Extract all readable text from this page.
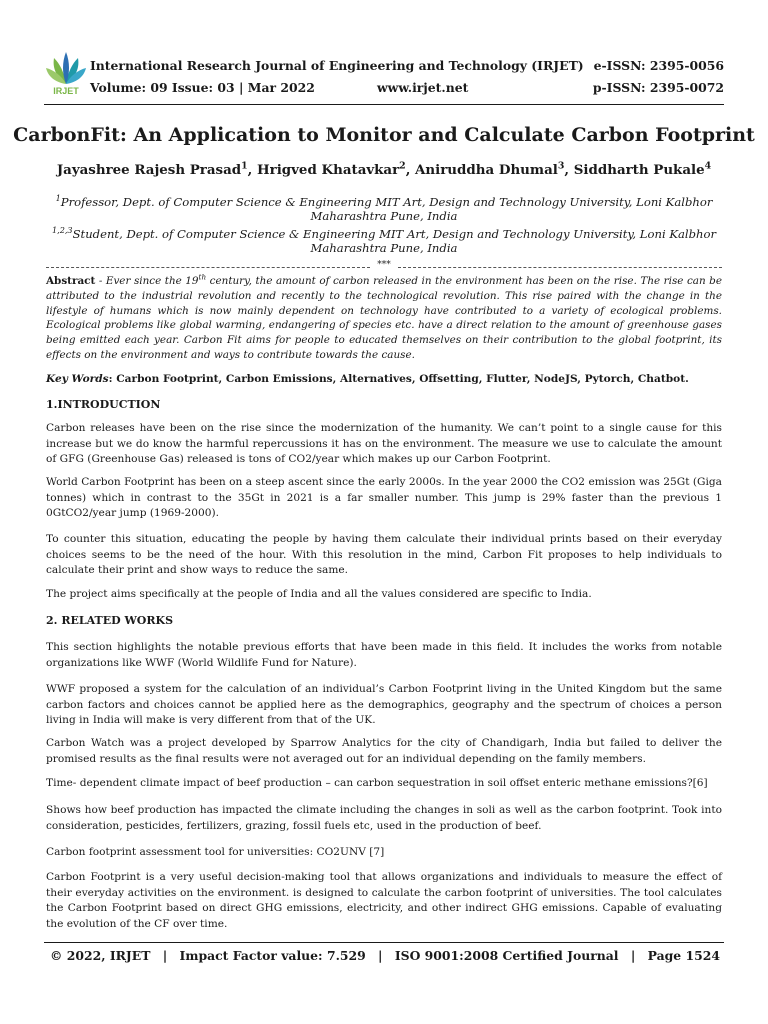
IRJET
International Research Journal of Engineering and Technology (IRJET)
Volume: 09 Issue: 03 | Mar 2022	www.irjet.net
e-ISSN: 2395-0056
p-ISSN: 2395-0072
CarbonFit: An Application to Monitor and Calculate Carbon Footprint
Jayashree Rajesh Prasad$^1$, Hrigved Khatavkar$^2$, Aniruddha Dhumal$^3$, Siddharth Pukale$^4$
$^1$Professor, Dept. of Computer Science & Engineering MIT Art, Design and Technology University, Loni Kalbhor Maharashtra Pune, India
$^{1,2,3}$Student, Dept. of Computer Science & Engineering MIT Art, Design and Technology University, Loni Kalbhor Maharashtra Pune, India
***
Abstract - Ever since the 19th century, the amount of carbon released in the environment has been on the rise. The rise can be attributed to the industrial revolution and recently to the technological revolution. This rise paired with the change in the lifestyle of humans which is now mainly dependent on technology have contributed to a variety of ecological problems. Ecological problems like global warming, endangering of species etc. have a direct relation to the amount of greenhouse gases being emitted each year. Carbon Fit aims for people to educated themselves on their contribution to the global footprint, its effects on the environment and ways to contribute towards the cause.
Key Words: Carbon Footprint, Carbon Emissions, Alternatives, Offsetting, Flutter, NodeJS, Pytorch, Chatbot.
1.INTRODUCTION
Carbon releases have been on the rise since the modernization of the humanity. We can’t point to a single cause for this increase but we do know the harmful repercussions it has on the environment. The measure we use to calculate the amount of GFG (Greenhouse Gas) released is tons of CO2/year which makes up our Carbon Footprint.
World Carbon Footprint has been on a steep ascent since the early 2000s. In the year 2000 the CO2 emission was 25Gt (Giga tonnes) which in contrast to the 35Gt in 2021 is a far smaller number. This jump is 29% faster than the previous 1 0GtCO2/year jump (1969-2000).
To counter this situation, educating the people by having them calculate their individual prints based on their everyday choices seems to be the need of the hour. With this resolution in the mind, Carbon Fit proposes to help individuals to calculate their print and show ways to reduce the same.
The project aims specifically at the people of India and all the values considered are specific to India.
2. RELATED WORKS
This section highlights the notable previous efforts that have been made in this field. It includes the works from notable organizations like WWF (World Wildlife Fund for Nature).
WWF proposed a system for the calculation of an individual’s Carbon Footprint living in the United Kingdom but the same carbon factors and choices cannot be applied here as the demographics, geography and the spectrum of choices a person living in India will make is very different from that of the UK.
Carbon Watch was a project developed by Sparrow Analytics for the city of Chandigarh, India but failed to deliver the promised results as the final results were not averaged out for an individual depending on the family members.
Time- dependent climate impact of beef production – can carbon sequestration in soil offset enteric methane emissions?[6]
Shows how beef production has impacted the climate including the changes in soli as well as the carbon footprint. Took into consideration, pesticides, fertilizers, grazing, fossil fuels etc, used in the production of beef.
Carbon footprint assessment tool for universities: CO2UNV [7]
Carbon Footprint is a very useful decision-making tool that allows organizations and individuals to measure the effect of their everyday activities on the environment. is designed to calculate the carbon footprint of universities. The tool calculates the Carbon Footprint based on direct GHG emissions, electricity, and other indirect GHG emissions. Capable of evaluating the evolution of the CF over time.
© 2022, IRJET | Impact Factor value: 7.529 | ISO 9001:2008 Certified Journal | Page 1524
